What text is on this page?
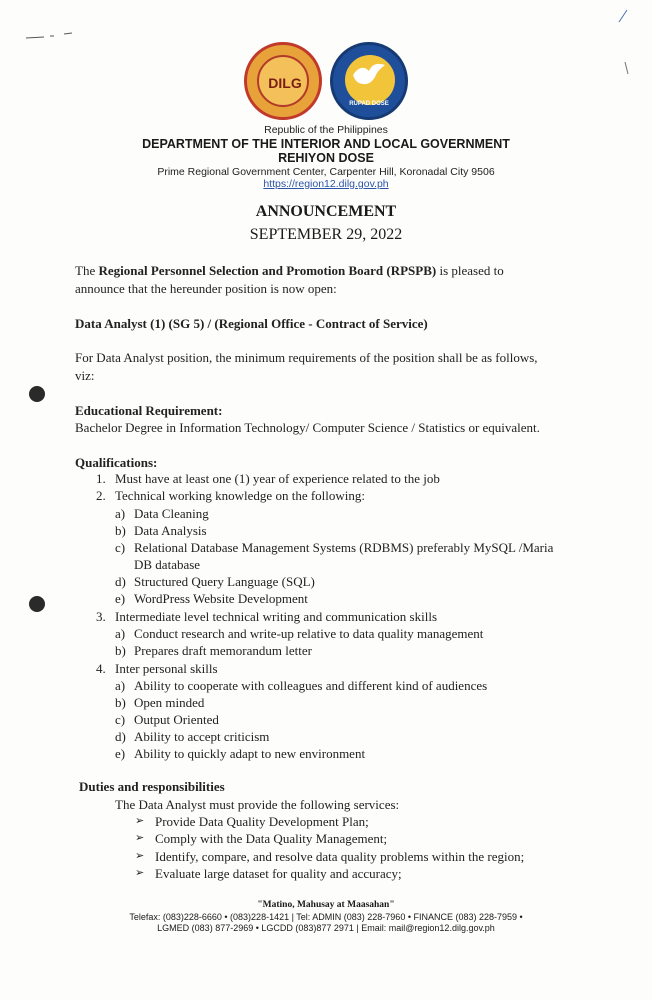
DILG
RUPAD DOSE
Republic of the Philippines
DEPARTMENT OF THE INTERIOR AND LOCAL GOVERNMENT
REHIYON DOSE
Prime Regional Government Center, Carpenter Hill, Koronadal City 9506
https://region12.dilg.gov.ph
ANNOUNCEMENT
SEPTEMBER 29, 2022
The Regional Personnel Selection and Promotion Board (RPSPB) is pleased to
announce that the hereunder position is now open:
Data Analyst (1) (SG 5) / (Regional Office - Contract of Service)
For Data Analyst position, the minimum requirements of the position shall be as follows,
viz:
Educational Requirement:
Bachelor Degree in Information Technology/ Computer Science / Statistics or equivalent.
Qualifications:
1. Must have at least one (1) year of experience related to the job
2. Technical working knowledge on the following:
a) Data Cleaning
b) Data Analysis
c) Relational Database Management Systems (RDBMS) preferably MySQL /Maria
DB database
d) Structured Query Language (SQL)
e) WordPress Website Development
3. Intermediate level technical writing and communication skills
a) Conduct research and write-up relative to data quality management
b) Prepares draft memorandum letter
4. Inter personal skills
a) Ability to cooperate with colleagues and different kind of audiences
b) Open minded
c) Output Oriented
d) Ability to accept criticism
e) Ability to quickly adapt to new environment
Duties and responsibilities
The Data Analyst must provide the following services:
➢ Provide Data Quality Development Plan;
➢ Comply with the Data Quality Management;
➢ Identify, compare, and resolve data quality problems within the region;
➢ Evaluate large dataset for quality and accuracy;
"Matino, Mahusay at Maasahan"
Telefax: (083)228-6660 • (083)228-1421 | Tel: ADMIN (083) 228-7960 • FINANCE (083) 228-7959 •
LGMED (083) 877-2969 • LGCDD (083)877 2971 | Email: mail@region12.dilg.gov.ph
